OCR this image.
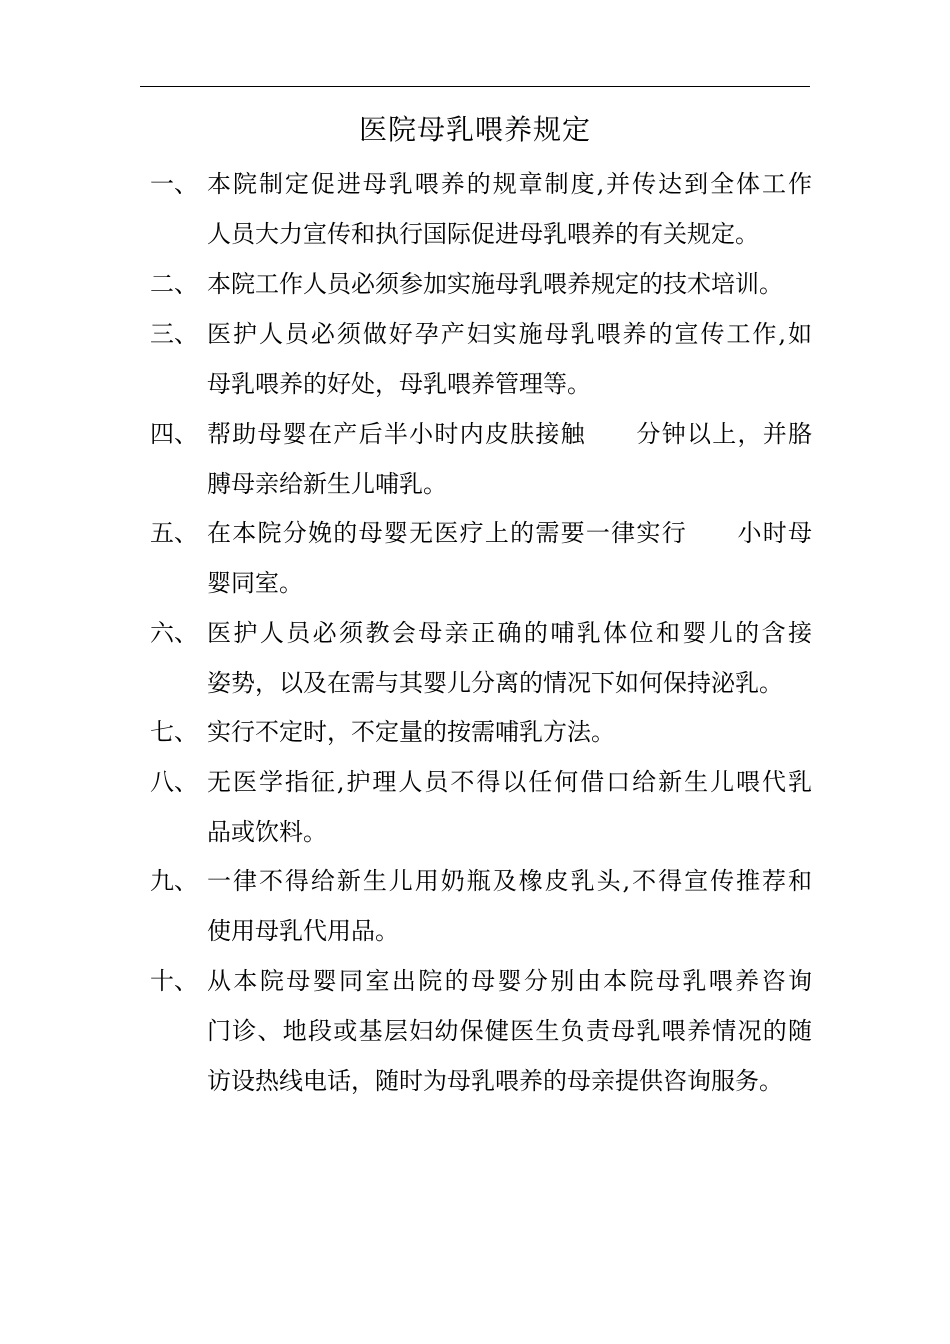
医院母乳喂养规定
一、 本院制定促进母乳喂养的规章制度,并传达到全体工作
人员大力宣传和执行国际促进母乳喂养的有关规定。
二、 本院工作人员必须参加实施母乳喂养规定的技术培训。
三、 医护人员必须做好孕产妇实施母乳喂养的宣传工作,如
母乳喂养的好处，母乳喂养管理等。
四、 帮助母婴在产后半小时内皮肤接触　　分钟以上，并胳
膊母亲给新生儿哺乳。
五、 在本院分娩的母婴无医疗上的需要一律实行　　小时母
婴同室。
六、 医护人员必须教会母亲正确的哺乳体位和婴儿的含接
姿势，以及在需与其婴儿分离的情况下如何保持泌乳。
七、 实行不定时，不定量的按需哺乳方法。
八、 无医学指征,护理人员不得以任何借口给新生儿喂代乳
品或饮料。
九、 一律不得给新生儿用奶瓶及橡皮乳头,不得宣传推荐和
使用母乳代用品。
十、 从本院母婴同室出院的母婴分别由本院母乳喂养咨询
门诊、地段或基层妇幼保健医生负责母乳喂养情况的随
访设热线电话，随时为母乳喂养的母亲提供咨询服务。
